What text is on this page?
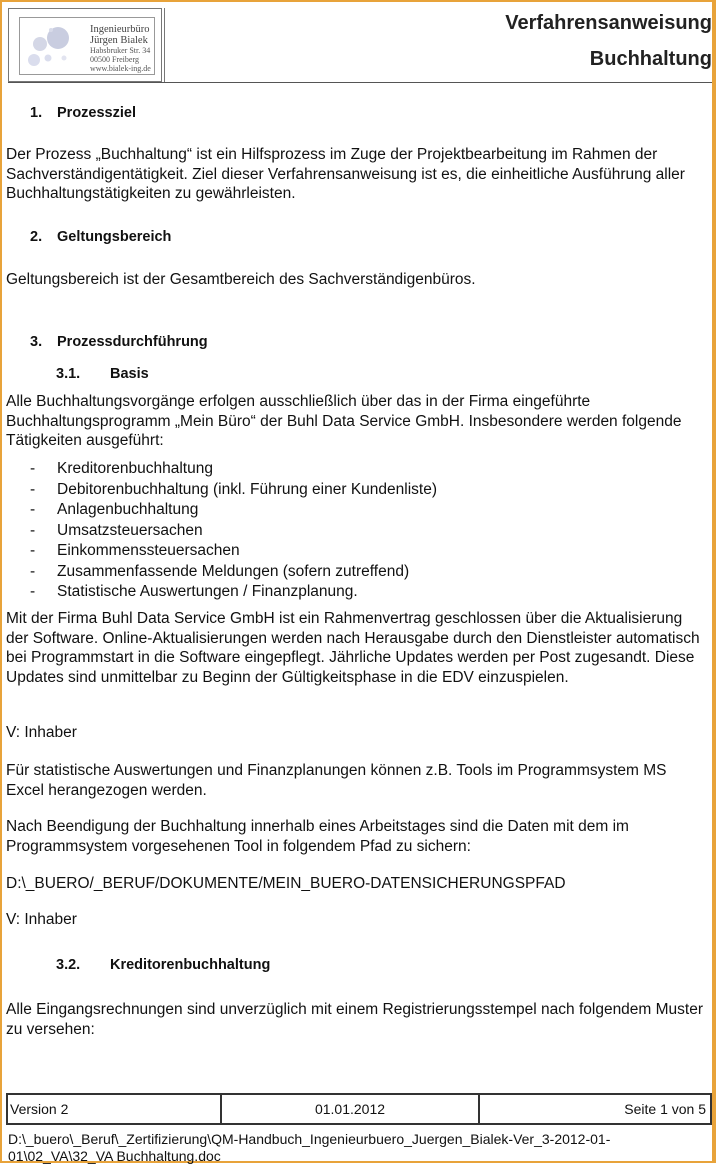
Ingenieurbüro
Jürgen Bialek
Habsbruker Str. 34
00500 Freiberg
www.bialek-ing.de
Verfahrensanweisung
Buchhaltung
1. Prozessziel

Der Prozess „Buchhaltung“ ist ein Hilfsprozess im Zuge der Projektbearbeitung im Rahmen der Sachverständigentätigkeit. Ziel dieser Verfahrensanweisung ist es, die einheitliche Ausführung aller Buchhaltungstätigkeiten zu gewährleisten.

2. Geltungsbereich

Geltungsbereich ist der Gesamtbereich des Sachverständigenbüros.

3. Prozessdurchführung
3.1. Basis

Alle Buchhaltungsvorgänge erfolgen ausschließlich über das in der Firma eingeführte Buchhaltungsprogramm „Mein Büro“ der Buhl Data Service GmbH. Insbesondere werden folgende Tätigkeiten ausgeführt:

- Kreditorenbuchhaltung
- Debitorenbuchhaltung (inkl. Führung einer Kundenliste)
- Anlagenbuchhaltung
- Umsatzsteuersachen
- Einkommenssteuersachen
- Zusammenfassende Meldungen (sofern zutreffend)
- Statistische Auswertungen / Finanzplanung.

Mit der Firma Buhl Data Service GmbH ist ein Rahmenvertrag geschlossen über die Aktualisierung der Software. Online-Aktualisierungen werden nach Herausgabe durch den Dienstleister automatisch bei Programmstart in die Software eingepflegt. Jährliche Updates werden per Post zugesandt. Diese Updates sind unmittelbar zu Beginn der Gültigkeitsphase in die EDV einzuspielen.

V: Inhaber

Für statistische Auswertungen und Finanzplanungen können z.B. Tools im Programmsystem MS Excel herangezogen werden.

Nach Beendigung der Buchhaltung innerhalb eines Arbeitstages sind die Daten mit dem im Programmsystem vorgesehenen Tool in folgendem Pfad zu sichern:

D:\_BUERO/_BERUF/DOKUMENTE/MEIN_BUERO-DATENSICHERUNGSPFAD

V: Inhaber

3.2. Kreditorenbuchhaltung

Alle Eingangsrechnungen sind unverzüglich mit einem Registrierungsstempel nach folgendem Muster zu versehen:

Version 2	01.01.2012	Seite 1 von 5
D:\_buero\_Beruf\_Zertifizierung\QM-Handbuch_Ingenieurbuero_Juergen_Bialek-Ver_3-2012-01-01\02_VA\32_VA Buchhaltung.doc
